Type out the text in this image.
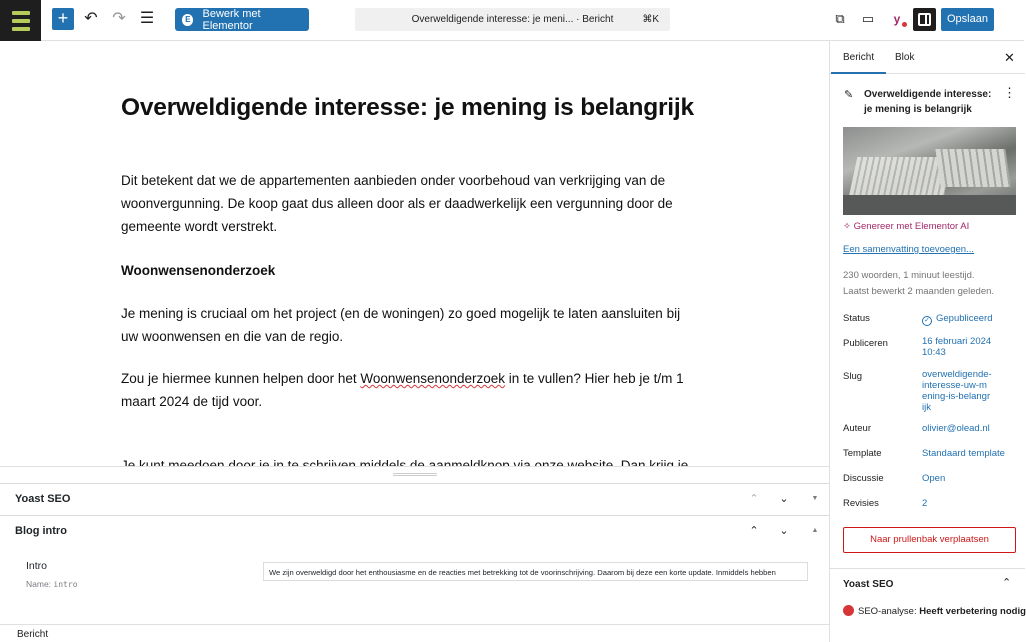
+	↶ ↷ ☰	E Bewerk met Elementor	Overweldigende interesse: je meni... · Bericht	⌘K	⧉	▭	y	Opslaan
Overweldigende interesse: je mening is belangrijk

Dit betekent dat we de appartementen aanbieden onder voorbehoud van verkrijging van de woonvergunning. De koop gaat dus alleen door als er daadwerkelijk een vergunning door de gemeente wordt verstrekt.

Woonwensenonderzoek

Je mening is cruciaal om het project (en de woningen) zo goed mogelijk te laten aansluiten bij uw woonwensen en die van de regio.

Zou je hiermee kunnen helpen door het Woonwensenonderzoek in te vullen? Hier heb je t/m 1 maart 2024 de tijd voor.

Yoast SEO	⌃ ⌄	▼
Blog intro	⌃ ⌄	▲
Intro
Name: intro
We zijn overweldigd door het enthousiasme en de reacties met betrekking tot de voorinschrijving. Daarom bij deze een korte update. Inmiddels hebben
Bericht
Bericht Blok	✕
✎ Overweldigende interesse: je mening is belangrijk
⋮
✧ Genereer met Elementor AI
Een samenvatting toevoegen...
230 woorden, 1 minuut leestijd.
Laatst bewerkt 2 maanden geleden.
Status	✓ Gepubliceerd
Publiceren	16 februari 2024 10:43
Slug	overweldigende-interesse-uw-mening-is-belangrijk
Auteur	olivier@olead.nl
Template	Standaard template
Discussie	Open
Revisies	2
Naar prullenbak verplaatsen
Yoast SEO	⌃
SEO-analyse: Heeft verbetering nodig
